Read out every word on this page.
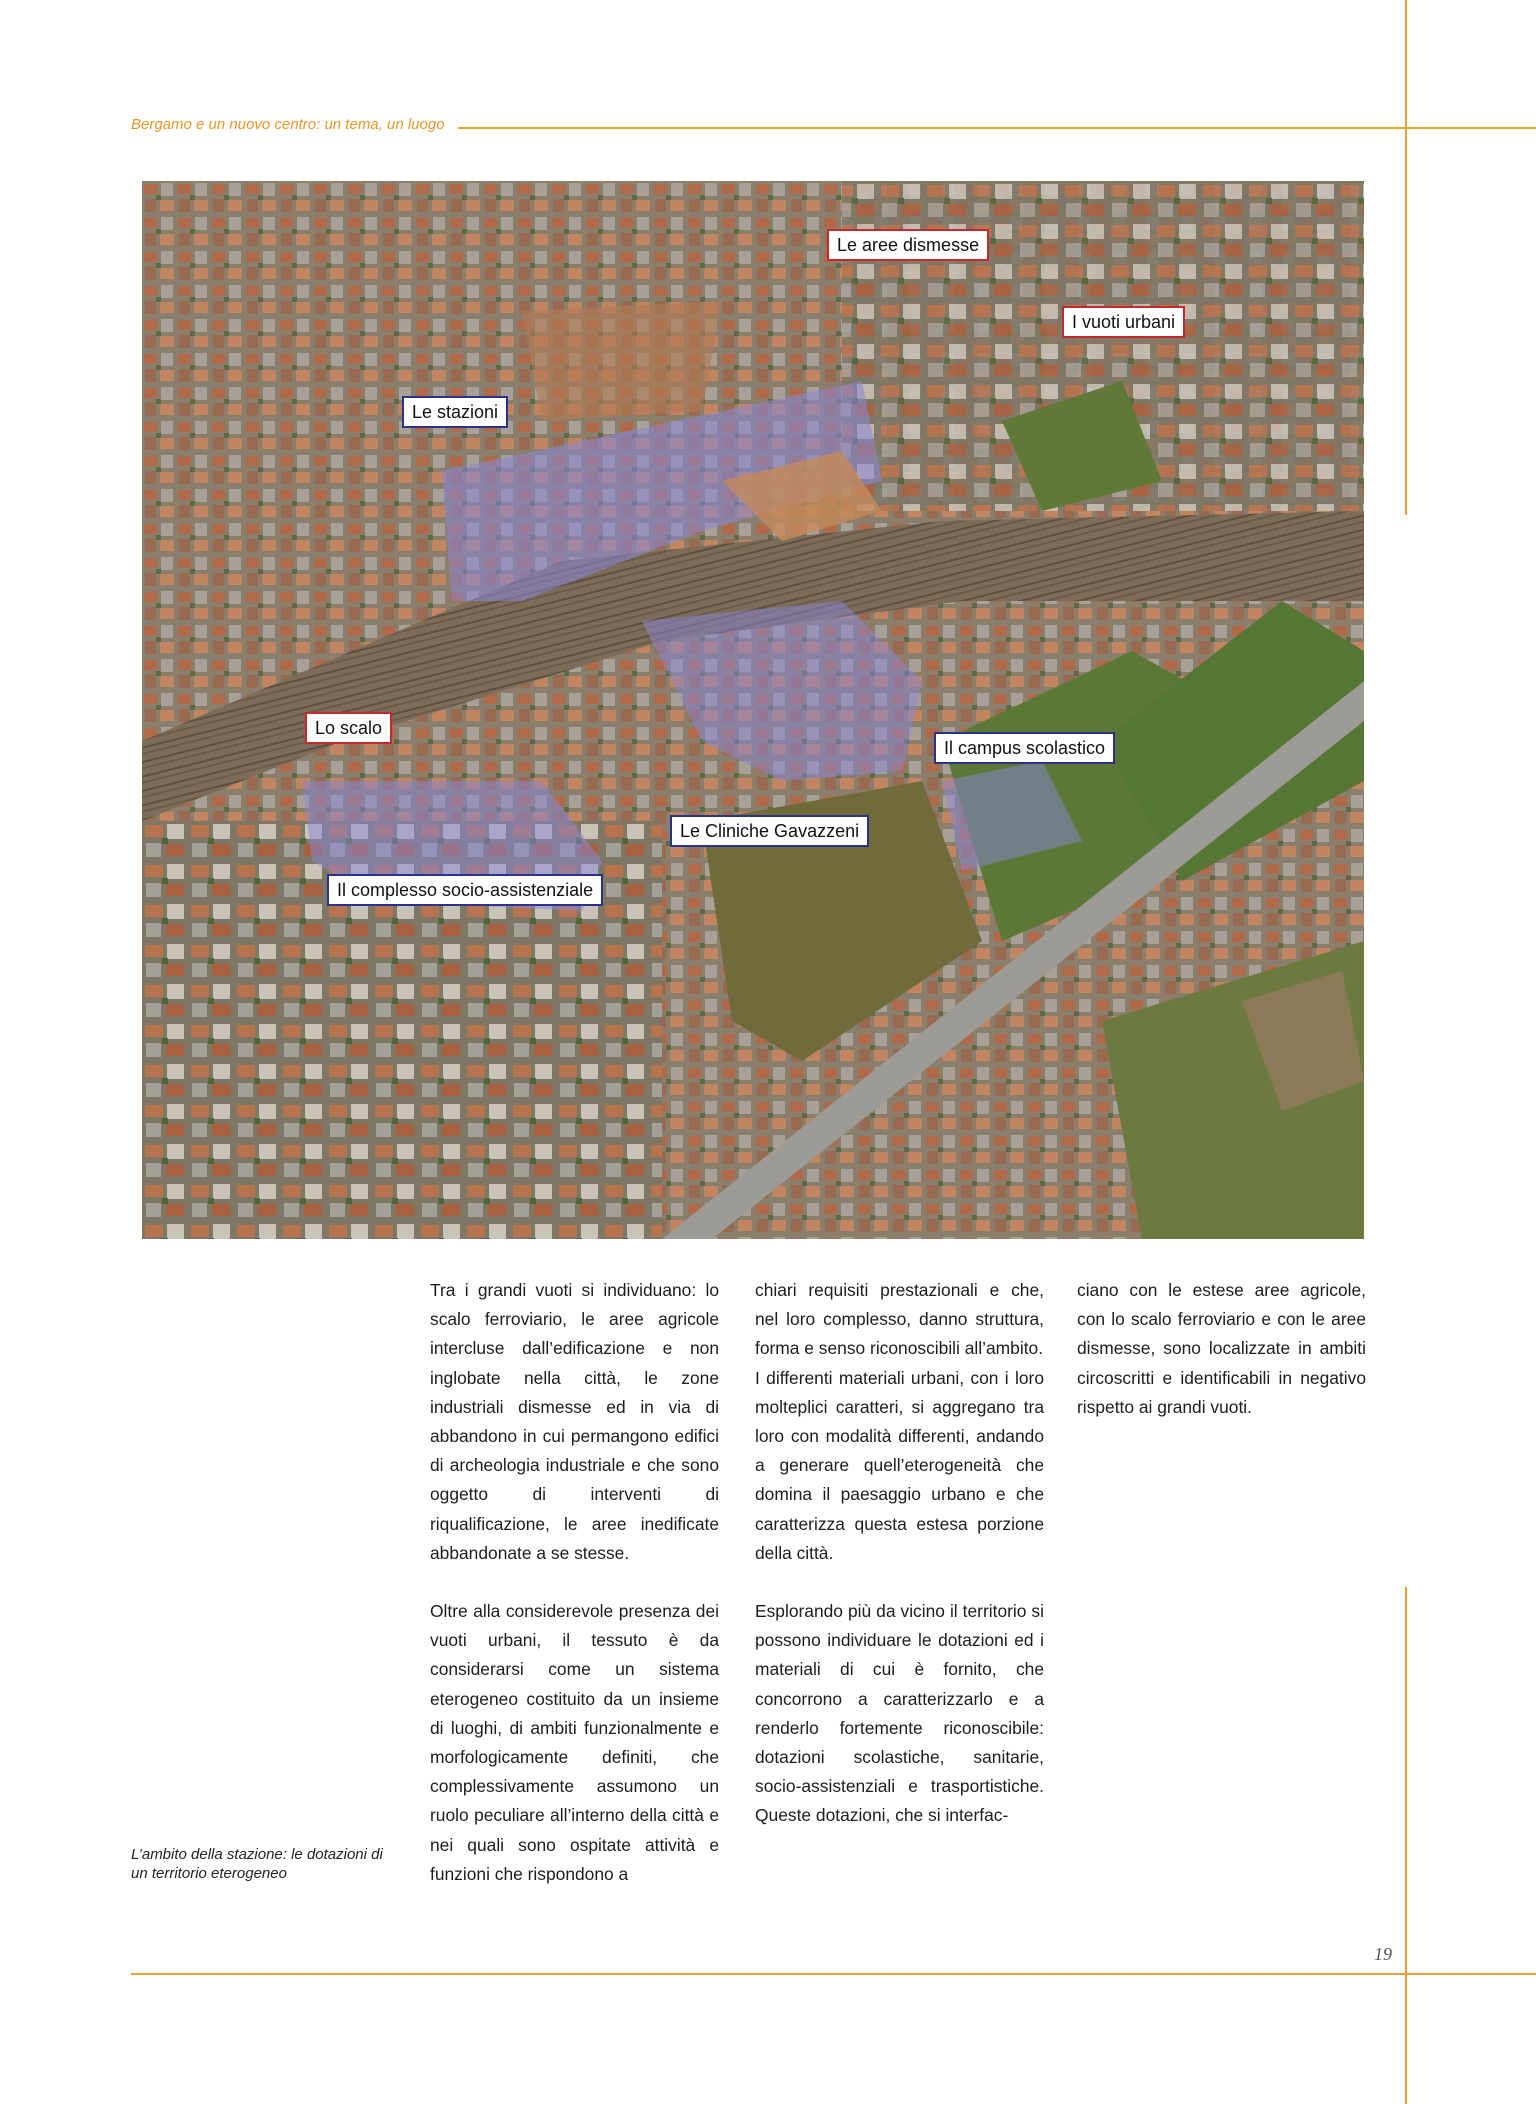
Bergamo e un nuovo centro: un tema, un luogo
Le aree dismesse
I vuoti urbani
Le stazioni
Lo scalo
Il campus scolastico
Le Cliniche Gavazzeni
Il complesso socio-assistenziale

Tra i grandi vuoti si individuano: lo scalo ferroviario, le aree agricole intercluse dall’edificazione e non inglobate nella città, le zone industriali dismesse ed in via di abbandono in cui permangono edifici di archeologia industriale e che sono oggetto di interventi di riqualificazione, le aree inedificate abbandonate a se stesse.

Oltre alla considerevole presenza dei vuoti urbani, il tessuto è da considerarsi come un sistema eterogeneo costituito da un insieme di luoghi, di ambiti funzionalmente e morfologicamente definiti, che complessivamente assumono un ruolo peculiare all’interno della città e nei quali sono ospitate attività e funzioni che rispondono a

chiari requisiti prestazionali e che, nel loro complesso, danno struttura, forma e senso riconoscibili all’ambito.

I differenti materiali urbani, con i loro molteplici caratteri, si aggregano tra loro con modalità differenti, andando a generare quell’eterogeneità che domina il paesaggio urbano e che caratterizza questa estesa porzione della città.

Esplorando più da vicino il territorio si possono individuare le dotazioni ed i materiali di cui è fornito, che concorrono a caratterizzarlo e a renderlo fortemente riconoscibile: dotazioni scolastiche, sanitarie, socio-assistenziali e trasportistiche. Queste dotazioni, che si interfac-

ciano con le estese aree agricole, con lo scalo ferroviario e con le aree dismesse, sono localizzate in ambiti circoscritti e identificabili in negativo rispetto ai grandi vuoti.

L’ambito della stazione: le dotazioni di un territorio eterogeneo
19
